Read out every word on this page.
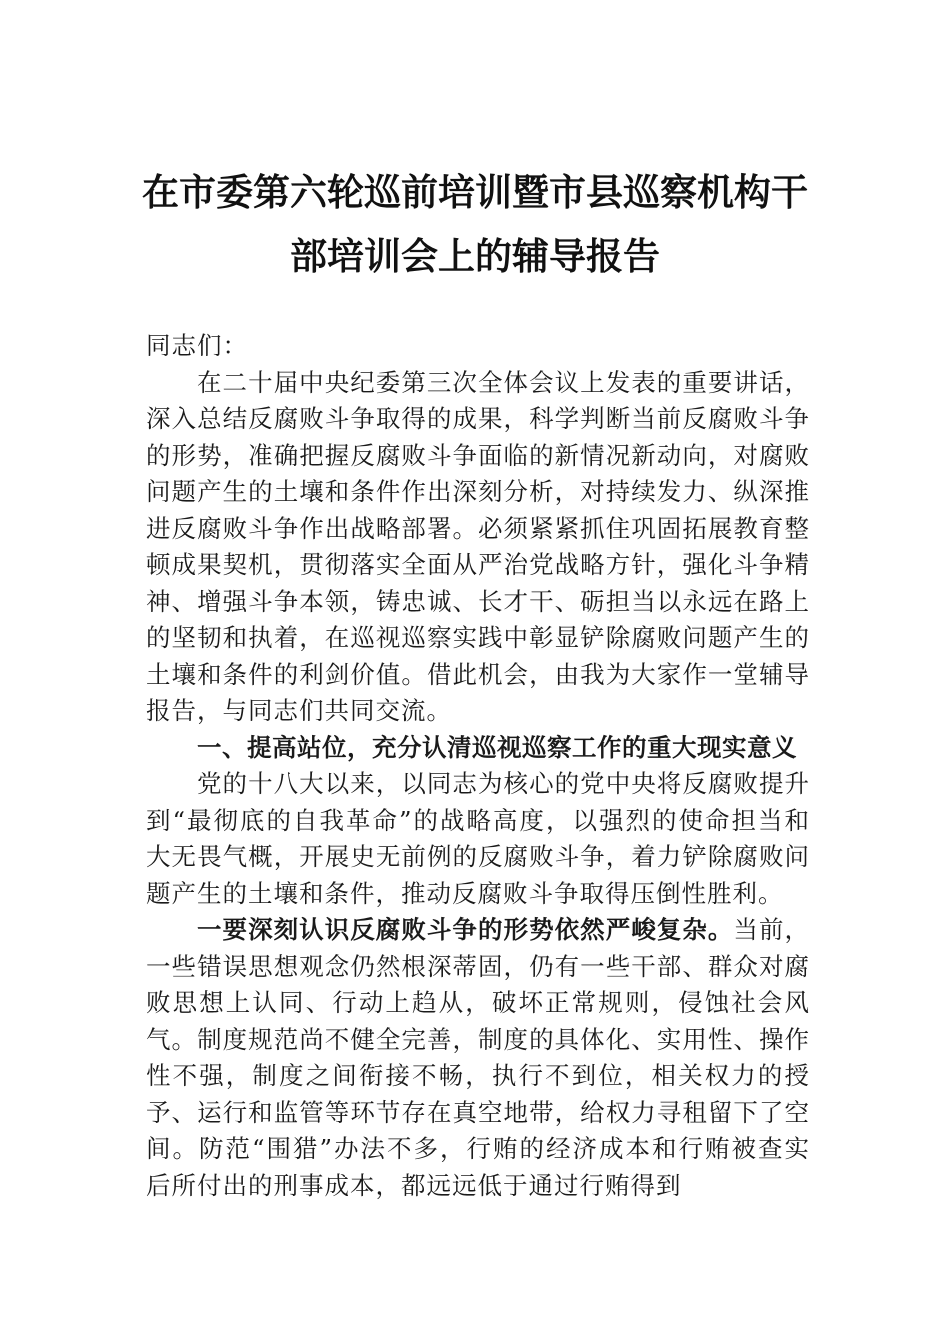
在市委第六轮巡前培训暨市县巡察机构干
部培训会上的辅导报告

同志们：

在二十届中央纪委第三次全体会议上发表的重要讲话，深入总结反腐败斗争取得的成果，科学判断当前反腐败斗争的形势，准确把握反腐败斗争面临的新情况新动向，对腐败问题产生的土壤和条件作出深刻分析，对持续发力、纵深推进反腐败斗争作出战略部署。必须紧紧抓住巩固拓展教育整顿成果契机，贯彻落实全面从严治党战略方针，强化斗争精神、增强斗争本领，铸忠诚、长才干、砺担当以永远在路上的坚韧和执着，在巡视巡察实践中彰显铲除腐败问题产生的土壤和条件的利剑价值。借此机会，由我为大家作一堂辅导报告，与同志们共同交流。

一、提高站位，充分认清巡视巡察工作的重大现实意义

党的十八大以来，以同志为核心的党中央将反腐败提升到“最彻底的自我革命”的战略高度，以强烈的使命担当和大无畏气概，开展史无前例的反腐败斗争，着力铲除腐败问题产生的土壤和条件，推动反腐败斗争取得压倒性胜利。

一要深刻认识反腐败斗争的形势依然严峻复杂。当前，一些错误思想观念仍然根深蒂固，仍有一些干部、群众对腐败思想上认同、行动上趋从，破坏正常规则，侵蚀社会风气。制度规范尚不健全完善，制度的具体化、实用性、操作性不强，制度之间衔接不畅，执行不到位，相关权力的授予、运行和监管等环节存在真空地带，给权力寻租留下了空间。防范“围猎”办法不多，行贿的经济成本和行贿被查实后所付出的刑事成本，都远远低于通过行贿得到
